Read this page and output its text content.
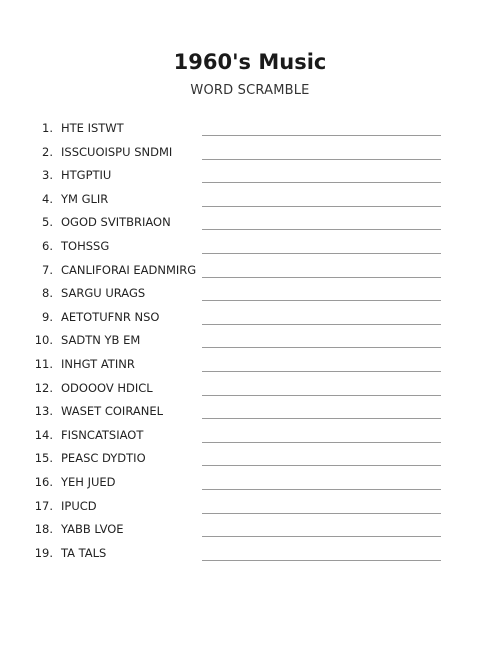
1960's Music
WORD SCRAMBLE
1. HTE ISTWT
2. ISSCUOISPU SNDMI
3. HTGPTIU
4. YM GLIR
5. OGOD SVITBRIAON
6. TOHSSG
7. CANLIFORAI EADNMIRG
8. SARGU URAGS
9. AETOTUFNR NSO
10. SADTN YB EM
11. INHGT ATINR
12. ODOOOV HDICL
13. WASET COIRANEL
14. FISNCATSIAOT
15. PEASC DYDTIO
16. YEH JUED
17. IPUCD
18. YABB LVOE
19. TA TALS
